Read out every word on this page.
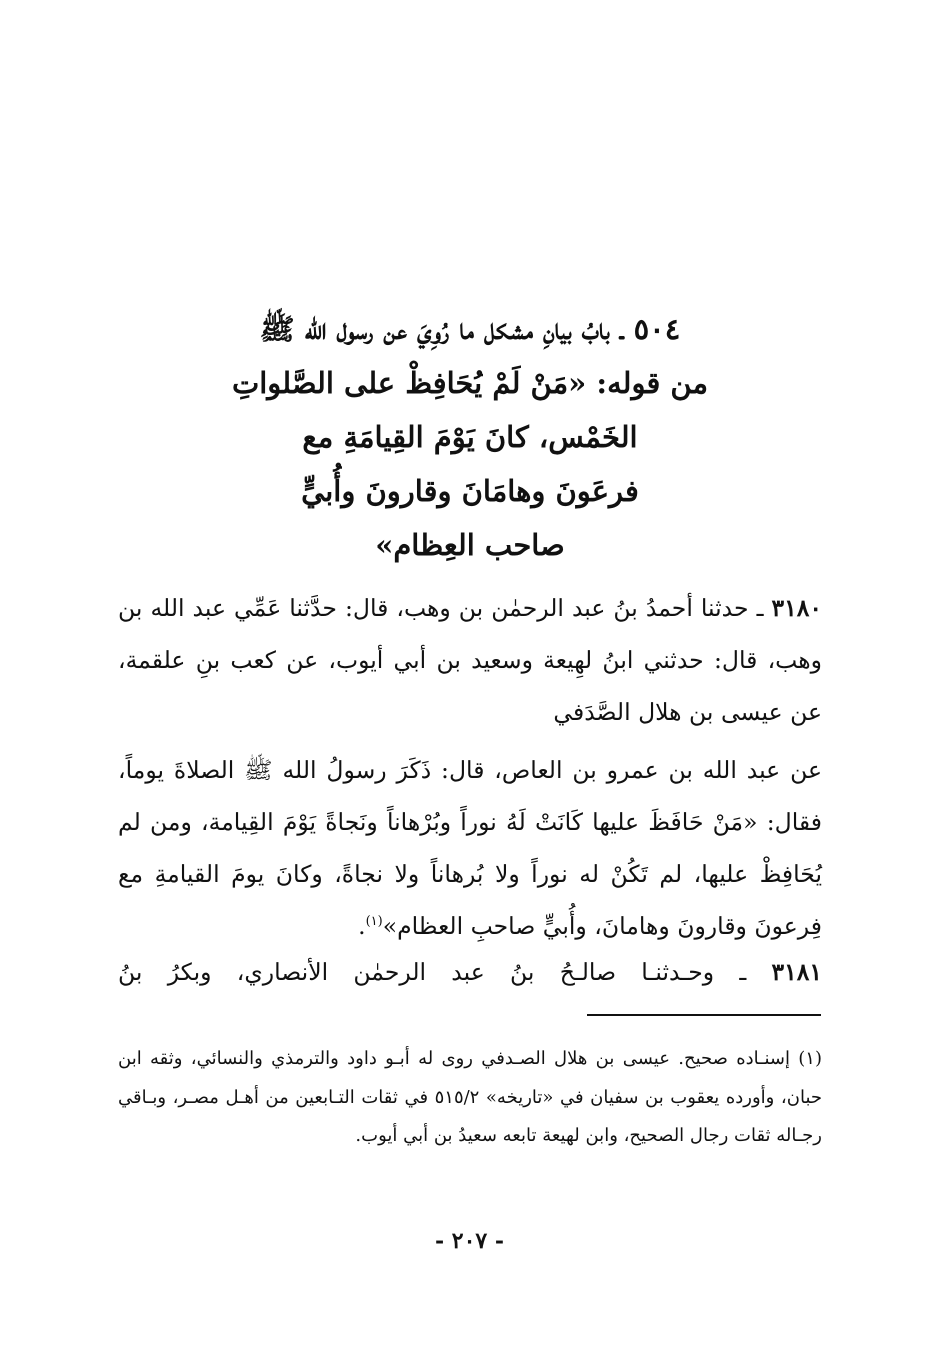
٥٠٤ ـ بابُ بيانِ مشكل ما رُوِيَ عن رسول الله ﷺ
من قوله: «مَنْ لَمْ يُحَافِظْ على الصَّلواتِ
الخَمْس، كانَ يَوْمَ القِيامَةِ مع
فرعَونَ وهامَانَ وقارونَ وأُبيٍّ
صاحب العِظام»
٣١٨٠ ـ حدثنا أحمدُ بنُ عبد الرحمٰن بن وهب، قال: حدَّثنا عَمِّي عبد الله بن وهب، قال: حدثني ابنُ لهِيعة وسعيد بن أبي أيوب، عن كعب بنِ علقمة، عن عيسى بن هلال الصَّدَفي
عن عبد الله بن عمرو بن العاص، قال: ذَكَرَ رسولُ الله ﷺ الصلاةَ يوماً، فقال: «مَنْ حَافَظَ عليها كَانَتْ لَهُ نوراً وبُرْهاناً ونَجاةً يَوْمَ القِيامة، ومن لم يُحَافِظْ عليها، لم تَكُنْ له نوراً ولا بُرهاناً ولا نجاةً، وكانَ يومَ القيامةِ مع فِرعونَ وقارونَ وهامانَ، وأُبيٍّ صاحبِ العظام»$^{(١)}$.
٣١٨١ ـ وحـدثنـا صالـحُ بنُ عبد الرحمٰن الأنصاري، وبكرُ بنُ
(١) إسنـاده صحيح. عيسى بن هلال الصـدفي روى له أبـو داود والترمذي والنسائي، وثقه ابن حبان، وأورده يعقوب بن سفيان في «تاريخه» ٥١٥/٢ في ثقات التـابعين من أهـل مصـر، وبـاقي رجـاله ثقات رجال الصحيح، وابن لهيعة تابعه سعيدُ بن أبي أيوب.
- ٢٠٧ -
